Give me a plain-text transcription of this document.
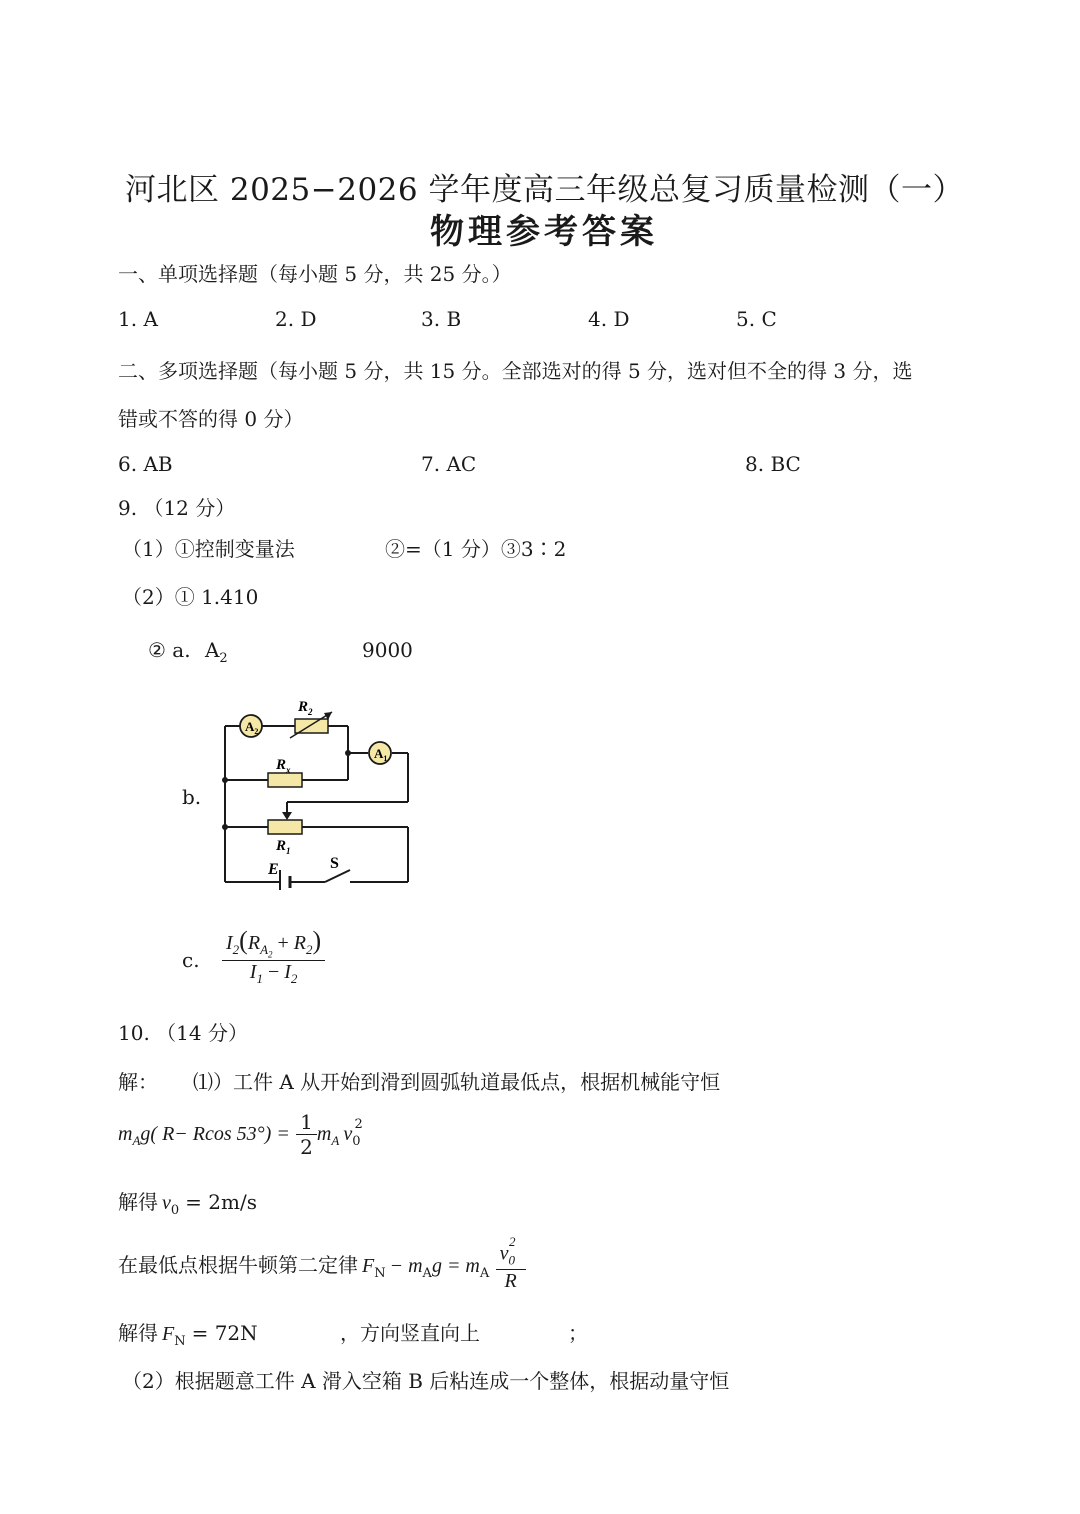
河北区 2025−2026 学年度高三年级总复习质量检测（一）
物理参考答案
一、单项选择题（每小题 5 分，共 25 分。）
1. A	2. D	3. B	4. D	5. C
二、多项选择题（每小题 5 分，共 15 分。全部选对的得 5 分，选对但不全的得 3 分，选
错或不答的得 0 分）
6. AB	7. AC	8. BC
9. （12 分）
（1）①控制变量法	②=（1 分）③3∶2
（2）① 1.410
② a. $A_2$	9000
b.
$A_2$
$A_1$
$R_2$
$R_x$
$R_1$
E	S
c. $\frac{I_2(R_{A_2} + R_2)}{I_1 - I_2}$
10. （14 分）
解： ⑴）工件 A 从开始到滑到圆弧轨道最低点，根据机械能守恒
$m_Ag$( R− Rcos $53^\circ) = \frac{1}{2} m_A$ $v_0^2$
解得 $v_0 = 2m/s$
在最低点根据牛顿第二定律 $F_N - m_Ag = m_A \frac{v_0^2}{R}$
解得 $F_N = 72N$	，方向竖直向上	；
（2）根据题意工件 A 滑入空箱 B 后粘连成一个整体，根据动量守恒
